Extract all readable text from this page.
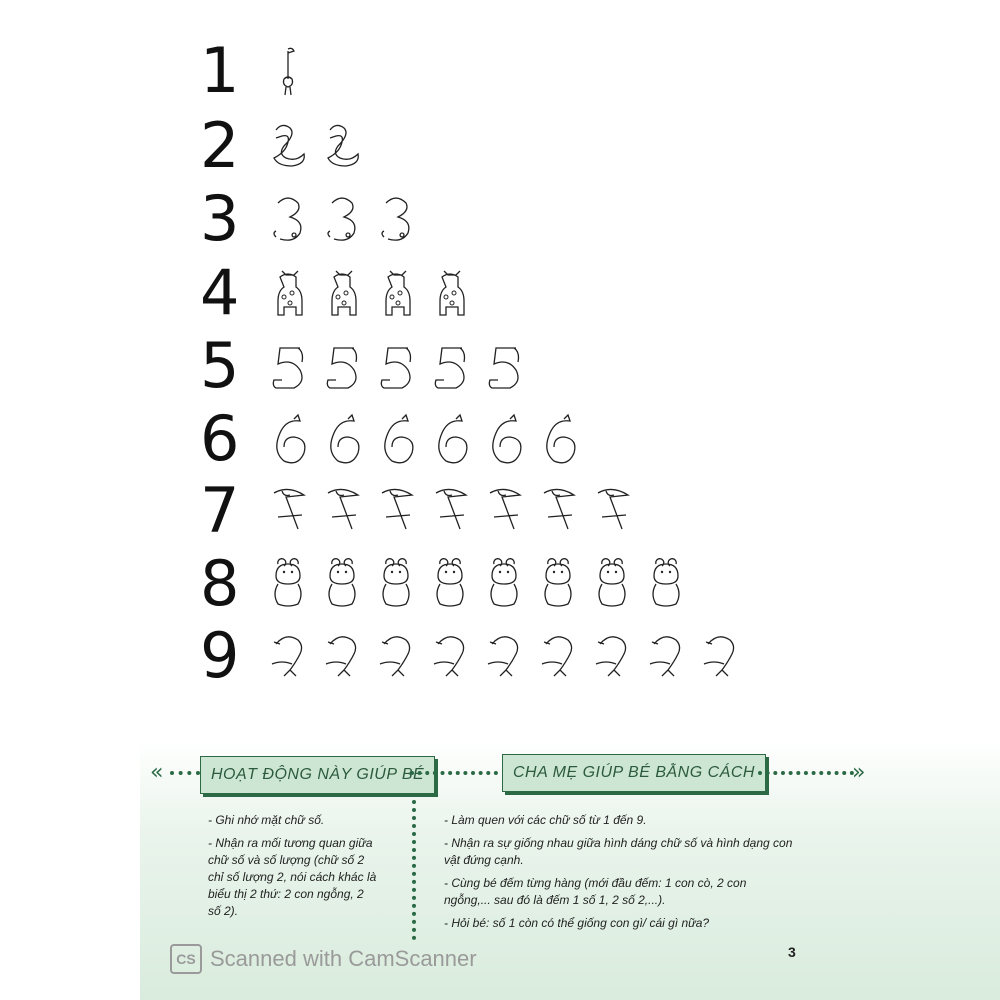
1
2
3
4
5
6
7
8
9
«	HOẠT ĐỘNG NÀY GIÚP BÉ	CHA MẸ GIÚP BÉ BẰNG CÁCH	»

- Ghi nhớ mặt chữ số.

- Nhận ra mối tương quan giữa chữ số và số lượng (chữ số 2 chỉ số lượng 2, nói cách khác là biểu thị 2 thứ: 2 con ngỗng, 2 số 2).

- Làm quen với các chữ số từ 1 đến 9.

- Nhận ra sự giống nhau giữa hình dáng chữ số và hình dạng con vật đứng cạnh.

- Cùng bé đếm từng hàng (mới đầu đếm: 1 con cò, 2 con ngỗng,... sau đó là đếm 1 số 1, 2 số 2,...).

- Hỏi bé: số 1 còn có thể giống con gì/ cái gì nữa?

CS Scanned with CamScanner	3
